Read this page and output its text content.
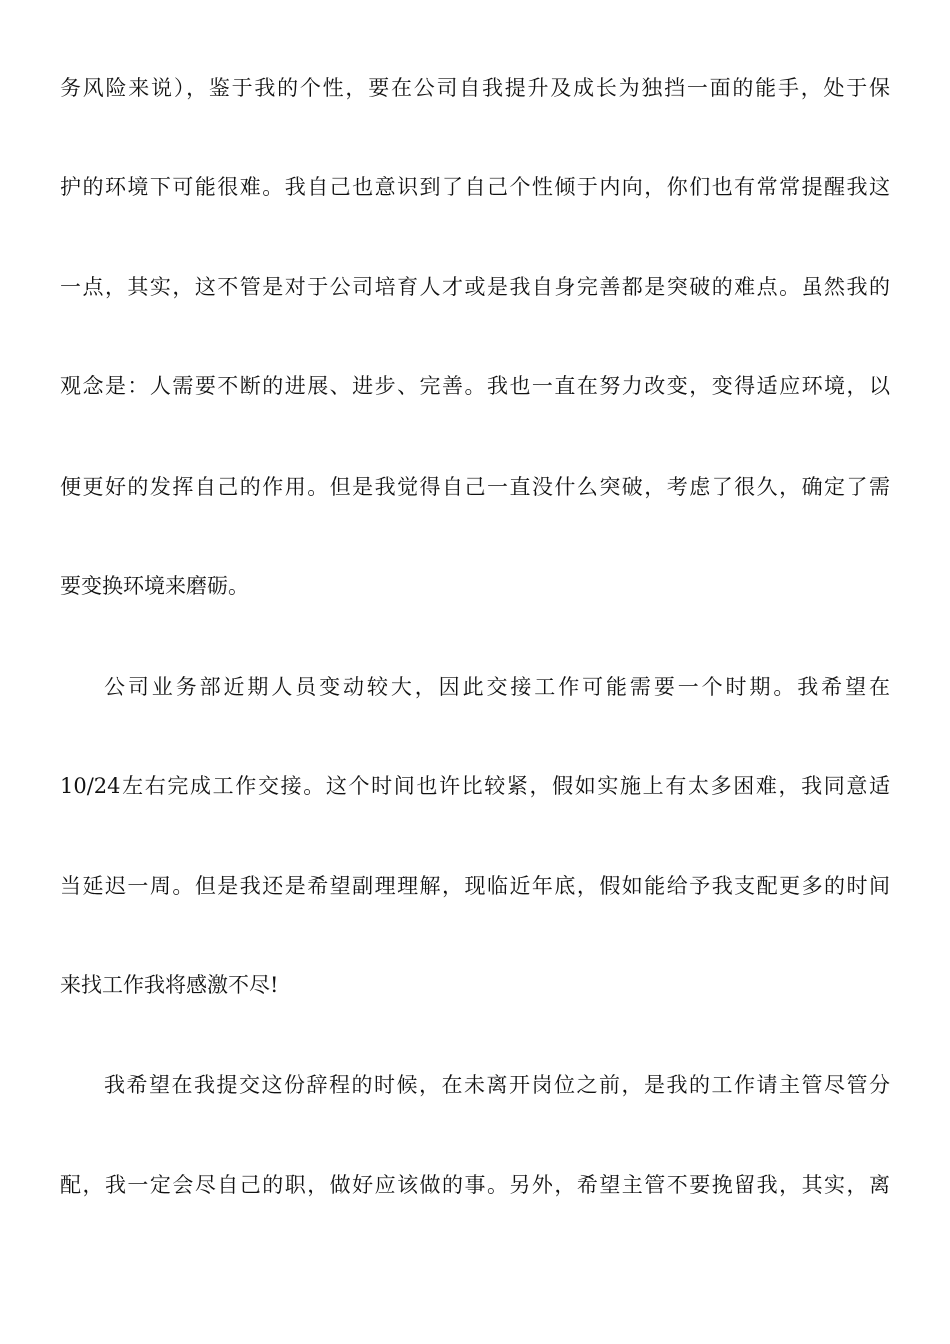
务风险来说），鉴于我的个性，要在公司自我提升及成长为独挡一面的能手，处于保
护的环境下可能很难。我自己也意识到了自己个性倾于内向，你们也有常常提醒我这
一点，其实，这不管是对于公司培育人才或是我自身完善都是突破的难点。虽然我的
观念是：人需要不断的进展、进步、完善。我也一直在努力改变，变得适应环境，以
便更好的发挥自己的作用。但是我觉得自己一直没什么突破，考虑了很久，确定了需
要变换环境来磨砺。
公司业务部近期人员变动较大，因此交接工作可能需要一个时期。我希望在
10/24左右完成工作交接。这个时间也许比较紧，假如实施上有太多困难，我同意适
当延迟一周。但是我还是希望副理理解，现临近年底，假如能给予我支配更多的时间
来找工作我将感激不尽!
我希望在我提交这份辞程的时候，在未离开岗位之前，是我的工作请主管尽管分
配，我一定会尽自己的职，做好应该做的事。另外，希望主管不要挽留我，其实，离
